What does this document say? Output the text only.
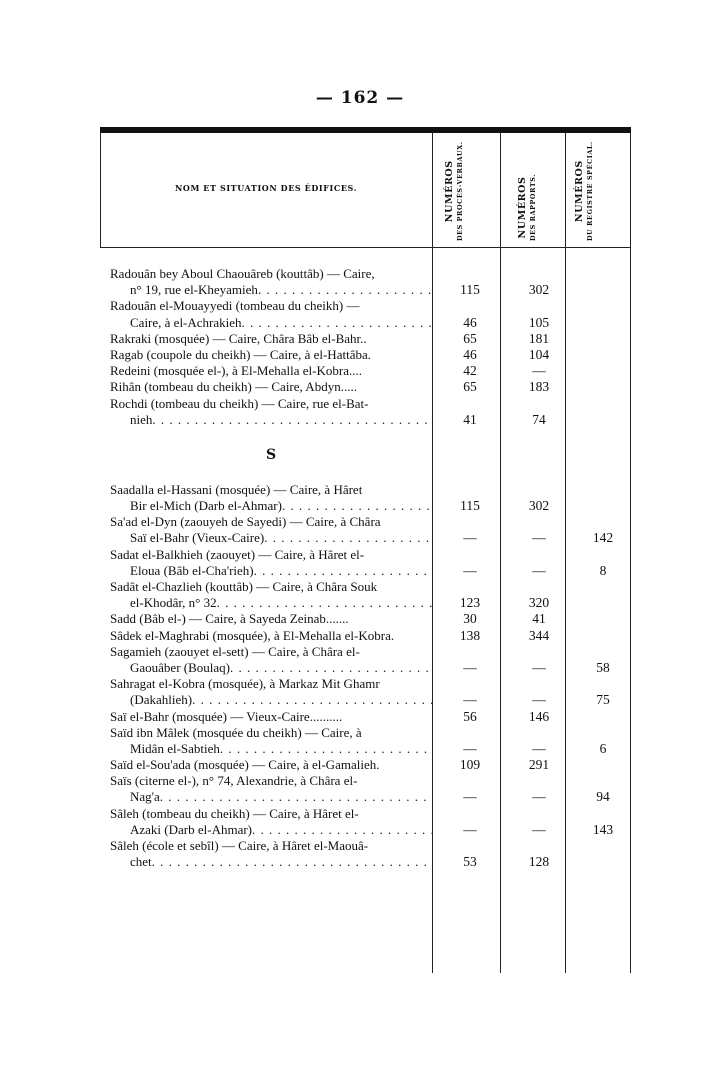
— 162 —
NOM ET SITUATION DES ÉDIFICES.	NUMÉROS DES PROCÈS-VERBAUX.	NUMÉROS DES RAPPORTS.	NUMÉROS DU REGISTRE SPÉCIAL.
Radouân bey Aboul Chaouâreb (kouttâb) — Caire,
n° 19, rue el-Kheyamieh . . .	115	302
Radouân el-Mouayyedi (tombeau du cheikh) —
Caire, à el-Achrakieh . . .	46	105
Rakraki (mosquée) — Caire, Châra Bâb el-Bahr..	65	181
Ragab (coupole du cheikh) — Caire, à el-Hattâba.	46	104
Redeini (mosquée el-), à El-Mehalla el-Kobra....	42	—
Rihân (tombeau du cheikh) — Caire, Abdyn.....	65	183
Rochdi (tombeau du cheikh) — Caire, rue el-Bat-
nieh . . .	41	74
S
Saadalla el-Hassani (mosquée) — Caire, à Hâret
Bir el-Mich (Darb el-Ahmar) . . .	115	302
Sa'ad el-Dyn (zaouyeh de Sayedi) — Caire, à Châra
Saï el-Bahr (Vieux-Caire) . . .	—	—	142
Sadat el-Balkhieh (zaouyet) — Caire, à Hâret el-
Eloua (Bâb el-Cha'rieh) . . .	—	—	8
Sadât el-Chazlieh (kouttâb) — Caire, à Châra Souk
el-Khodâr, n° 32 . . .	123	320
Sadd (Bâb el-) — Caire, à Sayeda Zeinab.......	30	41
Sâdek el-Maghrabi (mosquée), à El-Mehalla el-Kobra.	138	344
Sagamieh (zaouyet el-sett) — Caire, à Châra el-
Gaouâber (Boulaq) . . .	—	—	58
Sahragat el-Kobra (mosquée), à Markaz Mit Ghamr
(Dakahlieh) . . .	—	—	75
Saï el-Bahr (mosquée) — Vieux-Caire..........	56	146
Saïd ibn Mâlek (mosquée du cheikh) — Caire, à
Midân el-Sabtieh . . .	—	—	6
Saïd el-Sou'ada (mosquée) — Caire, à el-Gamalieh.	109	291
Saïs (citerne el-), n° 74, Alexandrie, à Châra el-
Nag'a . . .	—	—	94
Sâleh (tombeau du cheikh) — Caire, à Hâret el-
Azaki (Darb el-Ahmar) . . .	—	—	143
Sâleh (école et sebîl) — Caire, à Hâret el-Maouâ-
chet . . .	53	128
